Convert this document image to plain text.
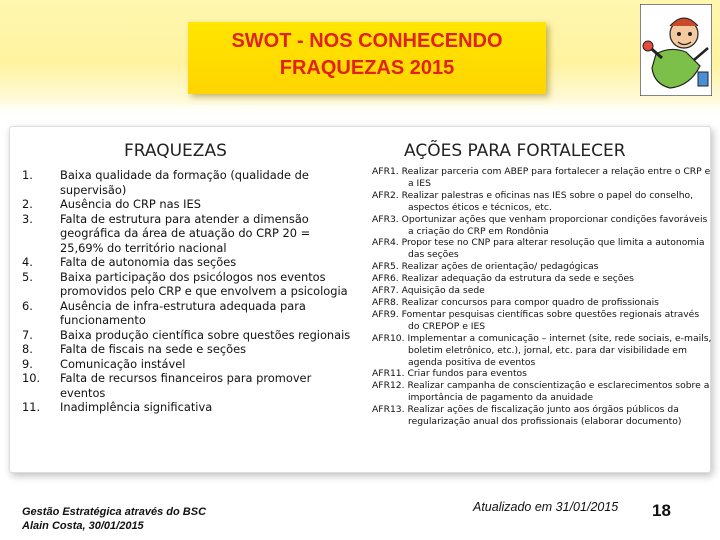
SWOT - NOS CONHECENDO
FRAQUEZAS 2015
FRAQUEZAS	AÇÕES PARA FORTALECER
1.	Baixa qualidade da formação (qualidade de supervisão)
2.	Ausência do CRP nas IES
3.	Falta de estrutura para atender a dimensão geográfica da área de atuação do CRP 20 = 25,69% do território nacional
4.	Falta de autonomia das seções
5.	Baixa participação dos psicólogos nos eventos promovidos pelo CRP e que envolvem a psicologia
6.	Ausência de infra-estrutura adequada para funcionamento
7.	Baixa produção científica sobre questões regionais
8.	Falta de fiscais na sede e seções
9.	Comunicação instável
10.	Falta de recursos financeiros para promover eventos
11.	Inadimplência significativa
AFR1. Realizar parceria com ABEP para fortalecer a relação entre o CRP e a IES
AFR2. Realizar palestras e oficinas nas IES sobre o papel do conselho, aspectos éticos e técnicos, etc.
AFR3. Oportunizar ações que venham proporcionar condições favoráveis a criação do CRP em Rondônia
AFR4. Propor tese no CNP para alterar resolução que limita a autonomia das seções
AFR5. Realizar ações de orientação/ pedagógicas
AFR6. Realizar adequação da estrutura da sede e seções
AFR7. Aquisição da sede
AFR8. Realizar concursos para compor quadro de profissionais
AFR9. Fomentar pesquisas científicas sobre questões regionais através do CREPOP e IES
AFR10. Implementar a comunicação – internet (site, rede sociais, e-mails, boletim eletrônico, etc.), jornal, etc. para dar visibilidade em agenda positiva de eventos
AFR11. Criar fundos para eventos
AFR12. Realizar campanha de conscientização e esclarecimentos sobre a importância de pagamento da anuidade
AFR13. Realizar ações de fiscalização junto aos órgãos públicos da regularização anual dos profissionais (elaborar documento)
Gestão Estratégica através do BSC
Alain Costa, 30/01/2015
Atualizado em 31/01/2015 18
